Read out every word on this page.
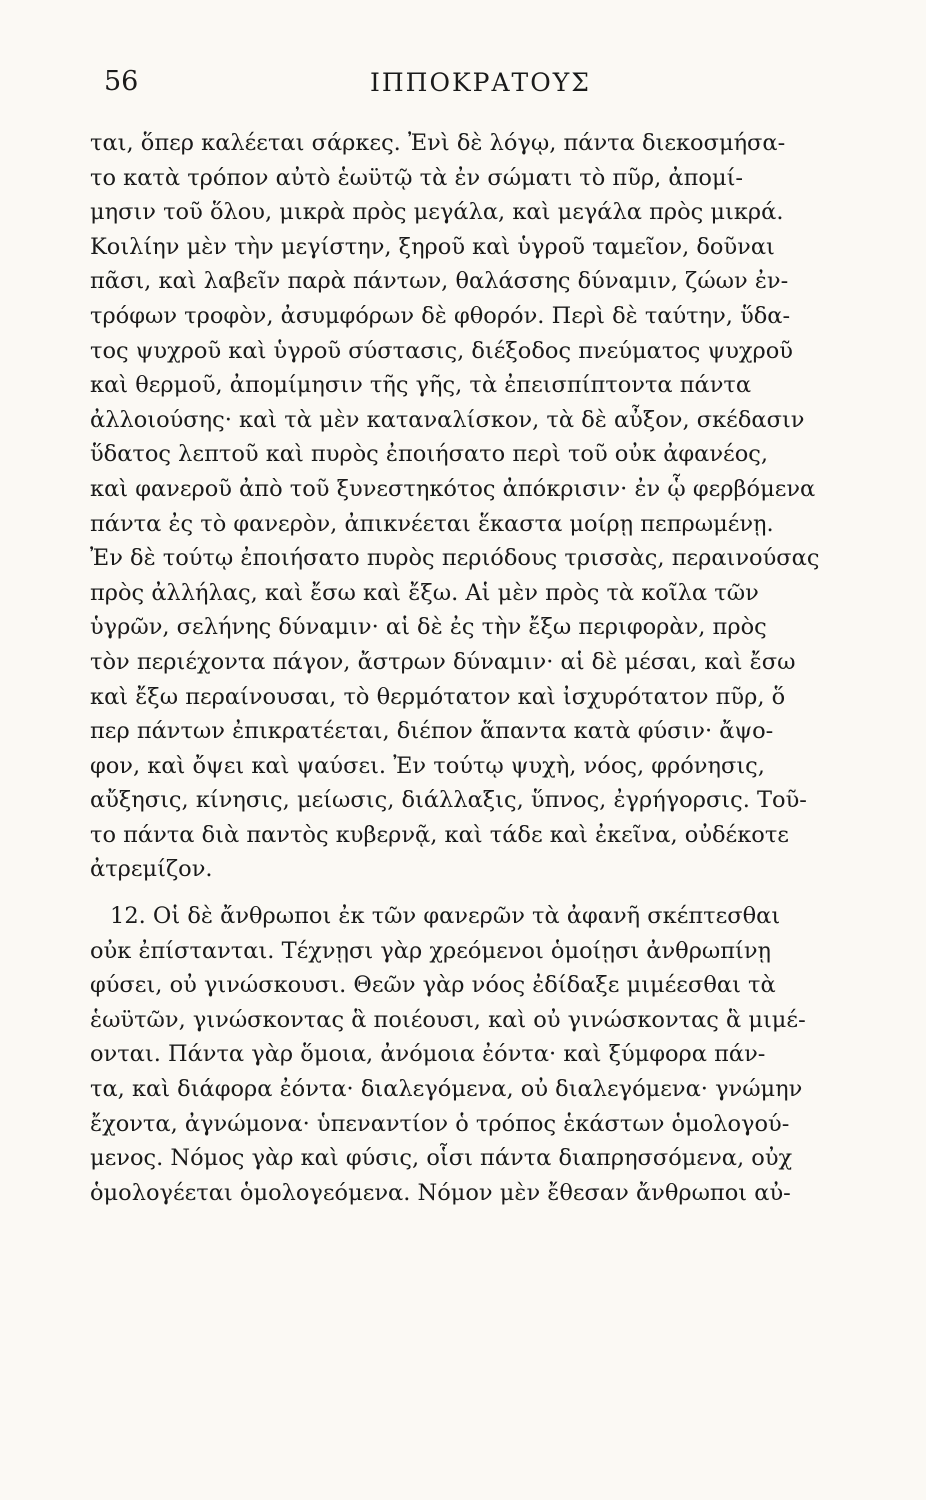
56	ΙΠΠΟΚΡΑΤΟΥΣ
ται, ὅπερ καλέεται σάρκες. Ἐνὶ δὲ λόγῳ, πάντα διεκοσμήσα-
το κατὰ τρόπον αὐτὸ ἑωϋτῷ τὰ ἐν σώματι τὸ πῦρ, ἀπομί-
μησιν τοῦ ὅλου, μικρὰ πρὸς μεγάλα, καὶ μεγάλα πρὸς μικρά.
Κοιλίην μὲν τὴν μεγίστην, ξηροῦ καὶ ὑγροῦ ταμεῖον, δοῦναι
πᾶσι, καὶ λαβεῖν παρὰ πάντων, θαλάσσης δύναμιν, ζώων ἐν-
τρόφων τροφὸν, ἀσυμφόρων δὲ φθορόν. Περὶ δὲ ταύτην, ὕδα-
τος ψυχροῦ καὶ ὑγροῦ σύστασις, διέξοδος πνεύματος ψυχροῦ
καὶ θερμοῦ, ἀπομίμησιν τῆς γῆς, τὰ ἐπεισπίπτοντα πάντα
ἀλλοιούσης· καὶ τὰ μὲν καταναλίσκον, τὰ δὲ αὖξον, σκέδασιν
ὕδατος λεπτοῦ καὶ πυρὸς ἐποιήσατο περὶ τοῦ οὐκ ἀφανέος,
καὶ φανεροῦ ἀπὸ τοῦ ξυνεστηκότος ἀπόκρισιν· ἐν ᾧ φερβόμενα
πάντα ἐς τὸ φανερὸν, ἀπικνέεται ἕκαστα μοίρῃ πεπρωμένῃ.
Ἐν δὲ τούτῳ ἐποιήσατο πυρὸς περιόδους τρισσὰς, περαινούσας
πρὸς ἀλλήλας, καὶ ἔσω καὶ ἔξω. Αἱ μὲν πρὸς τὰ κοῖλα τῶν
ὑγρῶν, σελήνης δύναμιν· αἱ δὲ ἐς τὴν ἔξω περιφορὰν, πρὸς
τὸν περιέχοντα πάγον, ἄστρων δύναμιν· αἱ δὲ μέσαι, καὶ ἔσω
καὶ ἔξω περαίνουσαι, τὸ θερμότατον καὶ ἰσχυρότατον πῦρ, ὅ
περ πάντων ἐπικρατέεται, διέπον ἅπαντα κατὰ φύσιν· ἄψο-
φον, καὶ ὄψει καὶ ψαύσει. Ἐν τούτῳ ψυχὴ, νόος, φρόνησις,
αὔξησις, κίνησις, μείωσις, διάλλαξις, ὕπνος, ἐγρήγορσις. Τοῦ-
το πάντα διὰ παντὸς κυβερνᾷ, καὶ τάδε καὶ ἐκεῖνα, οὐδέκοτε
ἀτρεμίζον.
12. Οἱ δὲ ἄνθρωποι ἐκ τῶν φανερῶν τὰ ἀφανῆ σκέπτεσθαι
οὐκ ἐπίστανται. Τέχνῃσι γὰρ χρεόμενοι ὁμοίῃσι ἀνθρωπίνῃ
φύσει, οὐ γινώσκουσι. Θεῶν γὰρ νόος ἐδίδαξε μιμέεσθαι τὰ
ἑωϋτῶν, γινώσκοντας ἃ ποιέουσι, καὶ οὐ γινώσκοντας ἃ μιμέ-
ονται. Πάντα γὰρ ὅμοια, ἀνόμοια ἐόντα· καὶ ξύμφορα πάν-
τα, καὶ διάφορα ἐόντα· διαλεγόμενα, οὐ διαλεγόμενα· γνώμην
ἔχοντα, ἀγνώμονα· ὑπεναντίον ὁ τρόπος ἑκάστων ὁμολογού-
μενος. Νόμος γὰρ καὶ φύσις, οἷσι πάντα διαπρησσόμενα, οὐχ
ὁμολογέεται ὁμολογεόμενα. Νόμον μὲν ἔθεσαν ἄνθρωποι αὐ-
